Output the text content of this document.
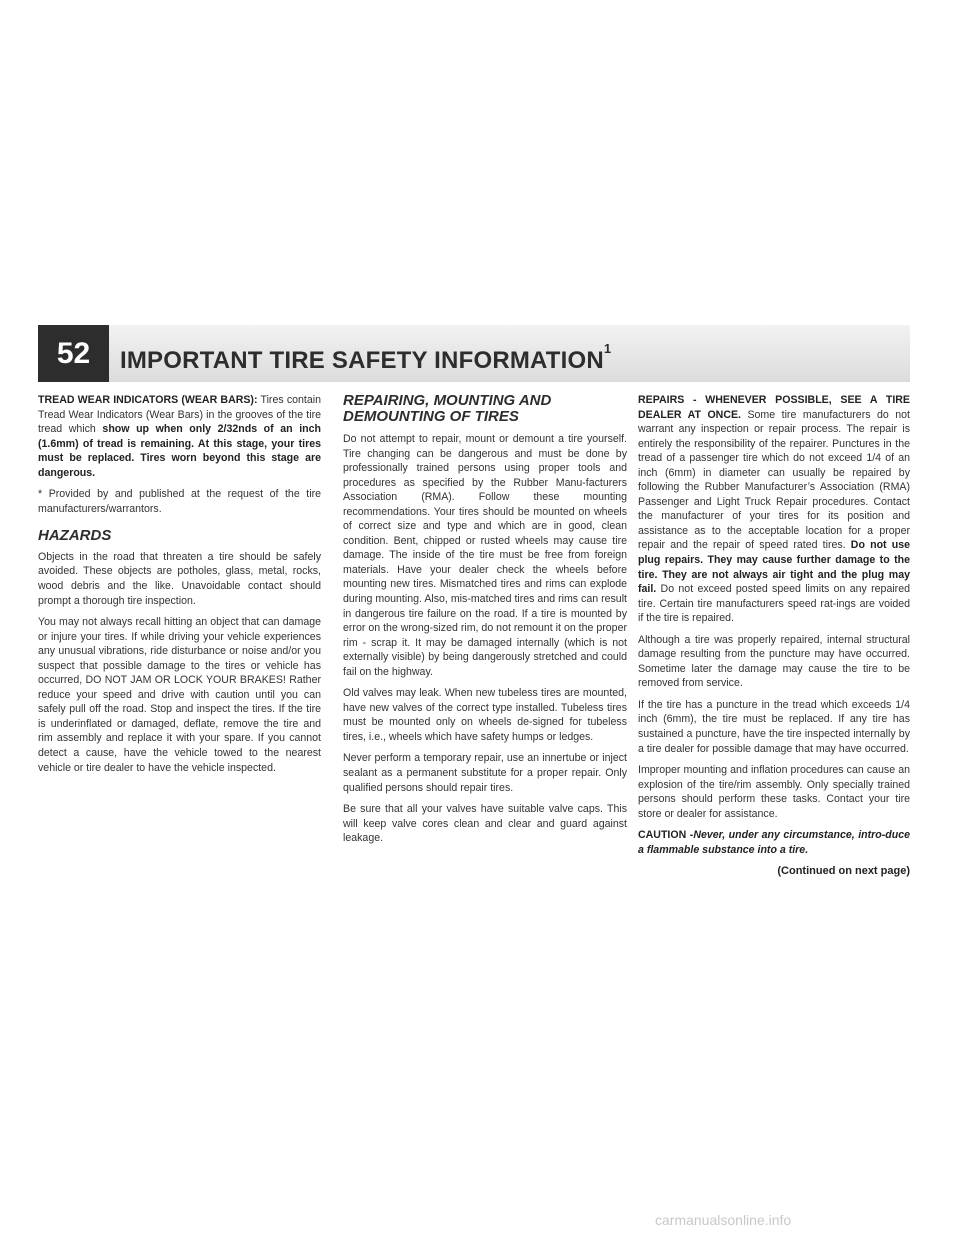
52	IMPORTANT TIRE SAFETY INFORMATION$^1$

TREAD WEAR INDICATORS (WEAR BARS): Tires contain Tread Wear Indicators (Wear Bars) in the grooves of the tire tread which show up when only 2/32nds of an inch (1.6mm) of tread is remaining. At this stage, your tires must be replaced. Tires worn beyond this stage are dangerous.

* Provided by and published at the request of the tire manufacturers/warrantors.

HAZARDS

Objects in the road that threaten a tire should be safely avoided. These objects are potholes, glass, metal, rocks, wood debris and the like. Unavoidable contact should prompt a thorough tire inspection.

You may not always recall hitting an object that can damage or injure your tires. If while driving your vehicle experiences any unusual vibrations, ride disturbance or noise and/or you suspect that possible damage to the tires or vehicle has occurred, DO NOT JAM OR LOCK YOUR BRAKES! Rather reduce your speed and drive with caution until you can safely pull off the road. Stop and inspect the tires. If the tire is underinflated or damaged, deflate, remove the tire and rim assembly and replace it with your spare. If you cannot detect a cause, have the vehicle towed to the nearest vehicle or tire dealer to have the vehicle inspected.

REPAIRING, MOUNTING AND DEMOUNTING OF TIRES

Do not attempt to repair, mount or demount a tire yourself. Tire changing can be dangerous and must be done by professionally trained persons using proper tools and procedures as specified by the Rubber Manu-facturers Association (RMA). Follow these mounting recommendations. Your tires should be mounted on wheels of correct size and type and which are in good, clean condition. Bent, chipped or rusted wheels may cause tire damage. The inside of the tire must be free from foreign materials. Have your dealer check the wheels before mounting new tires. Mismatched tires and rims can explode during mounting. Also, mis-matched tires and rims can result in dangerous tire failure on the road. If a tire is mounted by error on the wrong-sized rim, do not remount it on the proper rim - scrap it. It may be damaged internally (which is not externally visible) by being dangerously stretched and could fail on the highway.

Old valves may leak. When new tubeless tires are mounted, have new valves of the correct type installed. Tubeless tires must be mounted only on wheels de-signed for tubeless tires, i.e., wheels which have safety humps or ledges.

Never perform a temporary repair, use an innertube or inject sealant as a permanent substitute for a proper repair. Only qualified persons should repair tires.

Be sure that all your valves have suitable valve caps. This will keep valve cores clean and clear and guard against leakage.

REPAIRS - WHENEVER POSSIBLE, SEE A TIRE DEALER AT ONCE. Some tire manufacturers do not warrant any inspection or repair process. The repair is entirely the responsibility of the repairer. Punctures in the tread of a passenger tire which do not exceed 1/4 of an inch (6mm) in diameter can usually be repaired by following the Rubber Manufacturer’s Association (RMA) Passenger and Light Truck Repair procedures. Contact the manufacturer of your tires for its position and assistance as to the acceptable location for a proper repair and the repair of speed rated tires. Do not use plug repairs. They may cause further damage to the tire. They are not always air tight and the plug may fail. Do not exceed posted speed limits on any repaired tire. Certain tire manufacturers speed rat-ings are voided if the tire is repaired.

Although a tire was properly repaired, internal structural damage resulting from the puncture may have occurred. Sometime later the damage may cause the tire to be removed from service.

If the tire has a puncture in the tread which exceeds 1/4 inch (6mm), the tire must be replaced. If any tire has sustained a puncture, have the tire inspected internally by a tire dealer for possible damage that may have occurred.

Improper mounting and inflation procedures can cause an explosion of the tire/rim assembly. Only specially trained persons should perform these tasks. Contact your tire store or dealer for assistance.

CAUTION -Never, under any circumstance, intro-duce a flammable substance into a tire.

(Continued on next page)
carmanualsonline.info
